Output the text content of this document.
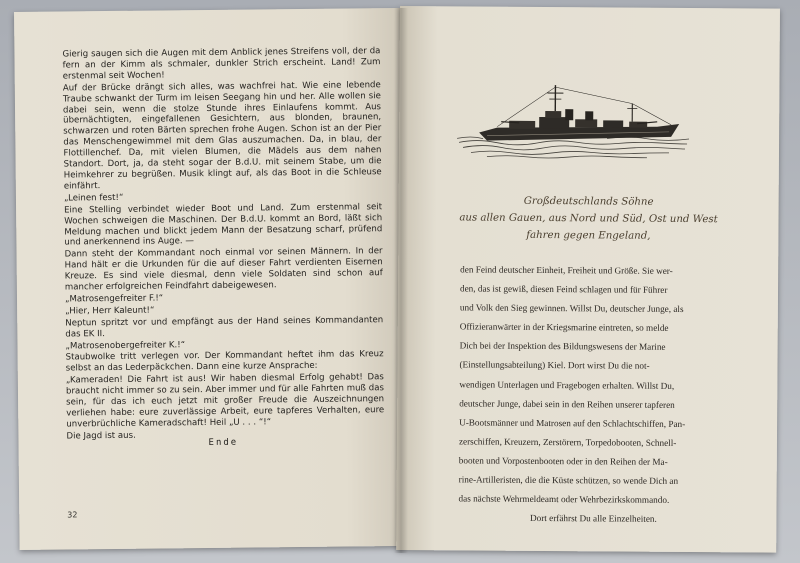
Gierig saugen sich die Augen mit dem Anblick jenes Streifens voll, der da fern an der Kimm als schmaler, dunkler Strich erscheint. Land! Zum erstenmal seit Wochen!

Auf der Brücke drängt sich alles, was wachfrei hat. Wie eine lebende Traube schwankt der Turm im leisen Seegang hin und her. Alle wollen sie dabei sein, wenn die stolze Stunde ihres Einlaufens kommt. Aus übernächtigten, eingefallenen Gesichtern, aus blonden, braunen, schwarzen und roten Bärten sprechen frohe Augen. Schon ist an der Pier das Menschengewimmel mit dem Glas auszumachen. Da, in blau, der Flottillenchef. Da, mit vielen Blumen, die Mädels aus dem nahen Standort. Dort, ja, da steht sogar der B.d.U. mit seinem Stabe, um die Heimkehrer zu begrüßen. Musik klingt auf, als das Boot in die Schleuse einfährt.

„Leinen fest!“

Eine Stelling verbindet wieder Boot und Land. Zum erstenmal seit Wochen schweigen die Maschinen. Der B.d.U. kommt an Bord, läßt sich Meldung machen und blickt jedem Mann der Besatzung scharf, prüfend und anerkennend ins Auge. —

Dann steht der Kommandant noch einmal vor seinen Männern. In der Hand hält er die Urkunden für die auf dieser Fahrt verdienten Eisernen Kreuze. Es sind viele diesmal, denn viele Soldaten sind schon auf mancher erfolgreichen Feindfahrt dabeigewesen.

„Matrosengefreiter F.!“

„Hier, Herr Kaleunt!“

Neptun spritzt vor und empfängt aus der Hand seines Kommandanten das EK II.

„Matrosenobergefreiter K.!“

Staubwolke tritt verlegen vor. Der Kommandant heftet ihm das Kreuz selbst an das Lederpäckchen. Dann eine kurze Ansprache:

„Kameraden! Die Fahrt ist aus! Wir haben diesmal Erfolg gehabt! Das braucht nicht immer so zu sein. Aber immer und für alle Fahrten muß das sein, für das ich euch jetzt mit großer Freude die Auszeichnungen verliehen habe: eure zuverlässige Arbeit, eure tapferes Verhalten, eure unverbrüchliche Kameradschaft! Heil „U . . . “!“

Die Jagd ist aus.

Ende
32
Großdeutschlands Söhne
aus allen Gauen, aus Nord und Süd, Ost und West
fahren gegen Engeland,
den Feind deutscher Einheit, Freiheit und Größe. Sie wer-
den, das ist gewiß, diesen Feind schlagen und für Führer
und Volk den Sieg gewinnen. Willst Du, deutscher Junge, als
Offizieranwärter in der Kriegsmarine eintreten, so melde
Dich bei der Inspektion des Bildungswesens der Marine
(Einstellungsabteilung) Kiel. Dort wirst Du die not-
wendigen Unterlagen und Fragebogen erhalten. Willst Du,
deutscher Junge, dabei sein in den Reihen unserer tapferen
U-Bootsmänner und Matrosen auf den Schlachtschiffen, Pan-
zerschiffen, Kreuzern, Zerstörern, Torpedobooten, Schnell-
booten und Vorpostenbooten oder in den Reihen der Ma-
rine-Artilleristen, die die Küste schützen, so wende Dich an
das nächste Wehrmeldeamt oder Wehrbezirkskommando.
Dort erfährst Du alle Einzelheiten.
